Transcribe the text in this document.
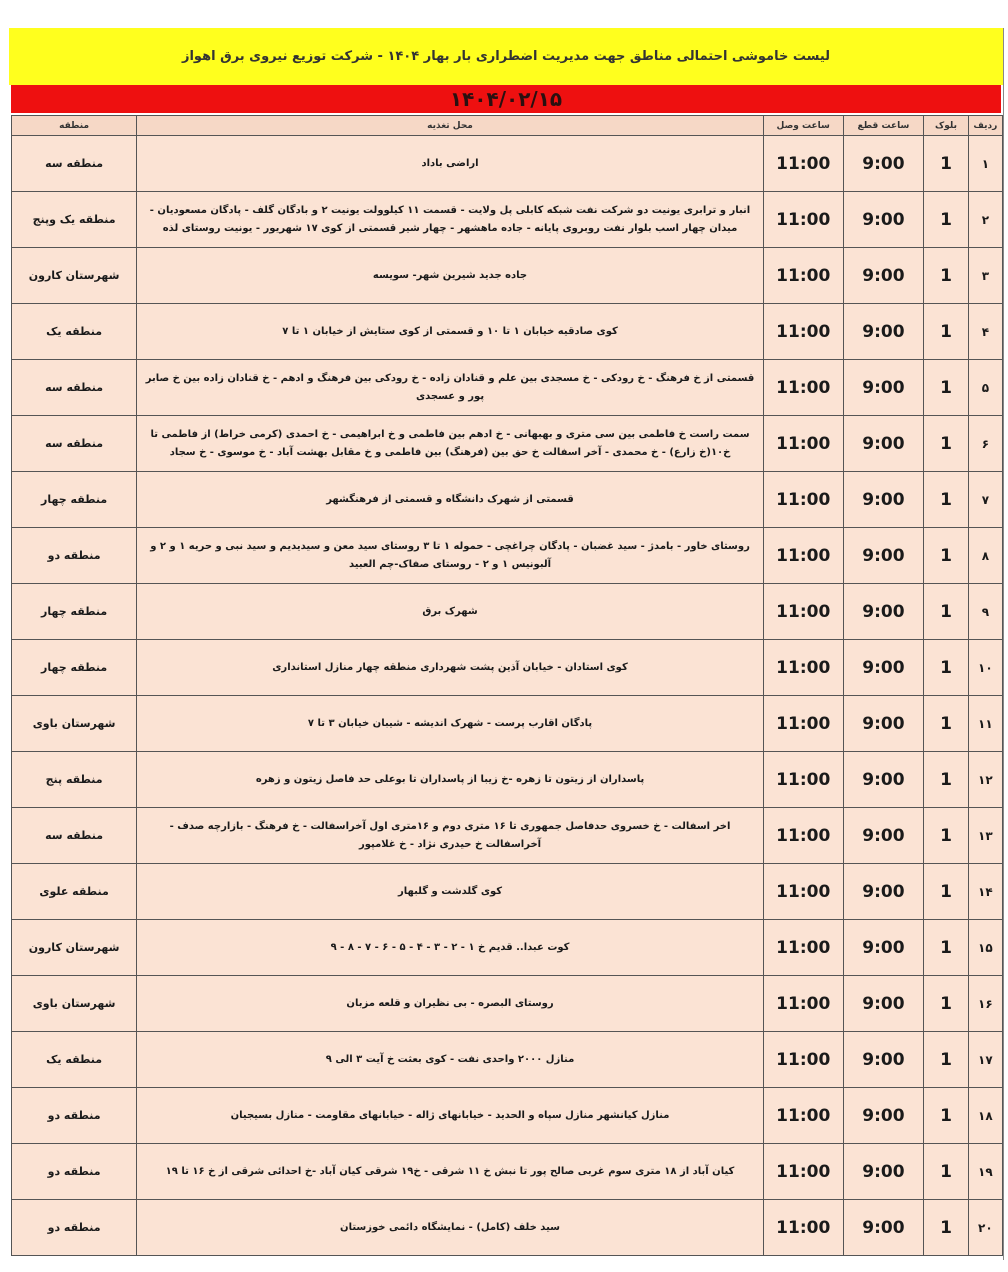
لیست خاموشی احتمالی مناطق جهت مدیریت اضطراری بار بهار ۱۴۰۴ - شرکت توزیع نیروی برق اهواز
۱۴۰۴/۰۲/۱۵
ردیف	بلوک	ساعت قطع	ساعت وصل	محل تغذیه	منطقه
۱	1	9:00	11:00	اراضی باداد	منطقه سه
۲	1	9:00	11:00	انبار و ترابری یونیت دو شرکت نفت شبکه کابلی پل ولایت - قسمت ۱۱ کیلوولت یونیت ۲ و بادگان گلف - پادگان مسعودیان - میدان چهار اسب بلوار نفت روبروی پایانه - جاده ماهشهر - چهار شیر قسمتی از کوی ۱۷ شهریور - یونیت روستای لذه	منطقه یک وپنج
۳	1	9:00	11:00	جاده جدید شیرین شهر- سویسه	شهرستان کارون
۴	1	9:00	11:00	کوی صادقیه خیابان ۱ تا ۱۰ و قسمتی از کوی ستایش از خیابان ۱ تا ۷	منطقه یک
۵	1	9:00	11:00	قسمتی از خ فرهنگ - خ رودکی - خ مسجدی بین علم و قنادان زاده - خ رودکی بین فرهنگ و ادهم - خ قنادان زاده بین خ صابر پور و عسجدی	منطقه سه
۶	1	9:00	11:00	سمت راست خ فاطمی بین سی متری و بهبهانی - خ ادهم بین فاطمی و خ ابراهیمی - خ احمدی (کرمی خراط) از فاطمی تا خ۱۰(خ زارع) - خ محمدی - آخر اسفالت خ حق بین (فرهنگ) بین فاطمی و خ مقابل بهشت آباد - خ موسوی - خ سجاد	منطقه سه
۷	1	9:00	11:00	قسمتی از شهرک دانشگاه و قسمتی از فرهنگشهر	منطقه چهار
۸	1	9:00	11:00	روستای خاور - بامدژ - سید غضبان - پادگان چراغچی - حموله ۱ تا ۳ روستای سید معن و سیدیدیم و سید نبی و حریه ۱ و ۲ و آلبونیس ۱ و ۲ - روستای صفاک-چم العبید	منطقه دو
۹	1	9:00	11:00	شهرک برق	منطقه چهار
۱۰	1	9:00	11:00	کوی استادان - خیابان آذین پشت شهرداری منطقه چهار منازل استانداری	منطقه چهار
۱۱	1	9:00	11:00	پادگان اقارب پرست - شهرک اندیشه - شیبان خیابان ۳ تا ۷	شهرستان باوی
۱۲	1	9:00	11:00	پاسداران از زیتون تا زهره -خ زیبا از پاسداران تا بوعلی حد فاصل زیتون و زهره	منطقه پنج
۱۳	1	9:00	11:00	اخر اسفالت - خ خسروی حدفاصل جمهوری تا ۱۶ متری دوم و ۱۶متری اول آخراسفالت - خ فرهنگ - بازارچه صدف - آخراسفالت خ حیدری نژاد - خ غلامپور	منطقه سه
۱۴	1	9:00	11:00	کوی گلدشت و گلبهار	منطقه علوی
۱۵	1	9:00	11:00	کوت عبدا.. قدیم خ ۱ - ۲ - ۳ - ۴ - ۵ - ۶ - ۷ - ۸ - ۹	شهرستان کارون
۱۶	1	9:00	11:00	روستای البصره - بی نظیران و قلعه مزبان	شهرستان باوی
۱۷	1	9:00	11:00	منازل ۲۰۰۰ واحدی نفت - کوی بعثت خ آیت ۳ الی ۹	منطقه یک
۱۸	1	9:00	11:00	منازل کیانشهر منازل سپاه و الحدید - خیابانهای ژاله - خیابانهای مقاومت - منازل بسیجیان	منطقه دو
۱۹	1	9:00	11:00	کیان آباد از ۱۸ متری سوم غربی صالح پور تا نبش خ ۱۱ شرقی - خ۱۹ شرقی کیان آباد -خ احدائی شرقی از خ ۱۶ تا ۱۹	منطقه دو
۲۰	1	9:00	11:00	سید خلف (کامل) - نمایشگاه دائمی خوزستان	منطقه دو
